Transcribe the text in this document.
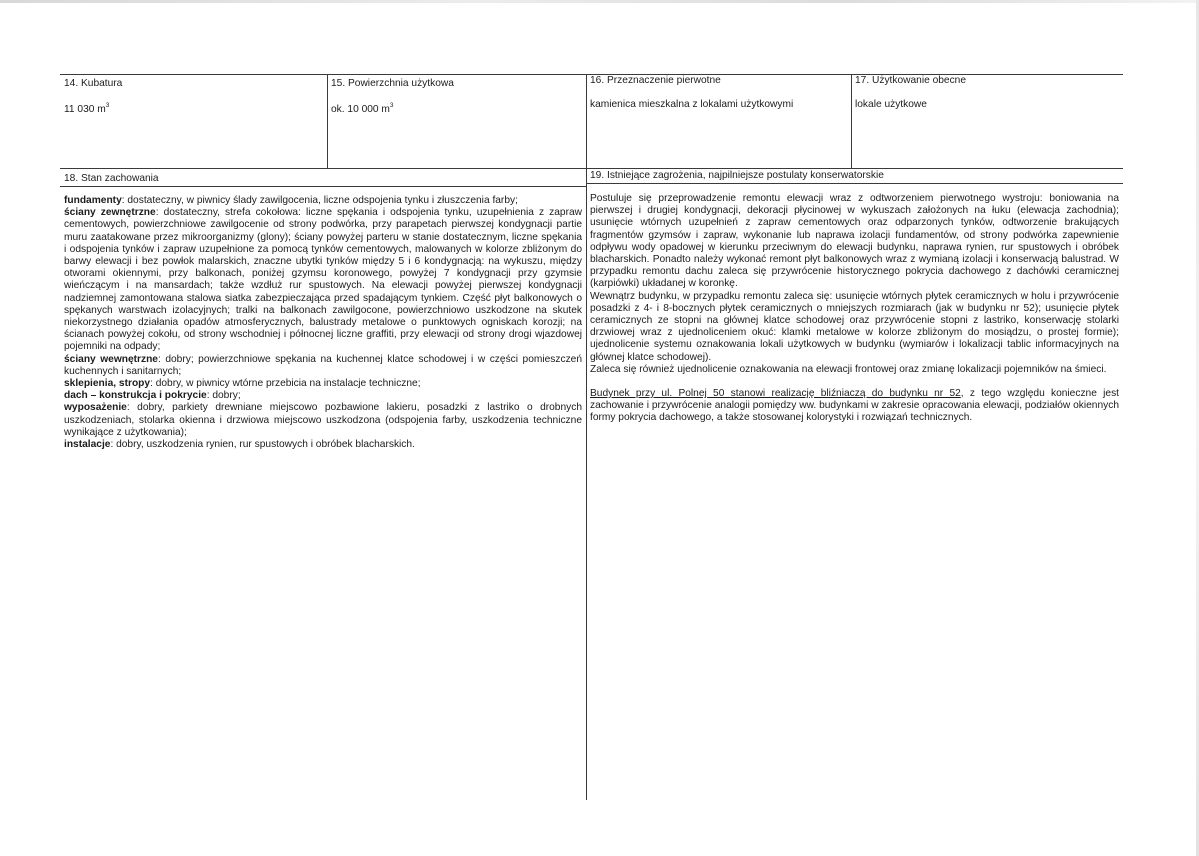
14. Kubatura
11 030 $m^3$
15. Powierzchnia użytkowa
ok. 10 000 $m^3$
16. Przeznaczenie pierwotne
kamienica mieszkalna z lokalami użytkowymi
17. Użytkowanie obecne
lokale użytkowe
18. Stan zachowania	19. Istniejące zagrożenia, najpilniejsze postulaty konserwatorskie

fundamenty: dostateczny, w piwnicy ślady zawilgocenia, liczne odspojenia tynku i złuszczenia farby;

ściany zewnętrzne: dostateczny, strefa cokołowa: liczne spękania i odspojenia tynku, uzupełnienia z zapraw cementowych, powierzchniowe zawilgocenie od strony podwórka, przy parapetach pierwszej kondygnacji partie muru zaatakowane przez mikroorganizmy (glony); ściany powyżej parteru w stanie dostatecznym, liczne spękania i odspojenia tynków i zapraw uzupełnione za pomocą tynków cementowych, malowanych w kolorze zbliżonym do barwy elewacji i bez powłok malarskich, znaczne ubytki tynków między 5 i 6 kondygnacją: na wykuszu, między otworami okiennymi, przy balkonach, poniżej gzymsu koronowego, powyżej 7 kondygnacji przy gzymsie wieńczącym i na mansardach; także wzdłuż rur spustowych. Na elewacji powyżej pierwszej kondygnacji nadziemnej zamontowana stalowa siatka zabezpieczająca przed spadającym tynkiem. Część płyt balkonowych o spękanych warstwach izolacyjnych; tralki na balkonach zawilgocone, powierzchniowo uszkodzone na skutek niekorzystnego działania opadów atmosferycznych, balustrady metalowe o punktowych ogniskach korozji; na ścianach powyżej cokołu, od strony wschodniej i północnej liczne graffiti, przy elewacji od strony drogi wjazdowej pojemniki na odpady;

ściany wewnętrzne: dobry; powierzchniowe spękania na kuchennej klatce schodowej i w części pomieszczeń kuchennych i sanitarnych;

sklepienia, stropy: dobry, w piwnicy wtórne przebicia na instalacje techniczne;

dach – konstrukcja i pokrycie: dobry;

wyposażenie: dobry, parkiety drewniane miejscowo pozbawione lakieru, posadzki z lastriko o drobnych uszkodzeniach, stolarka okienna i drzwiowa miejscowo uszkodzona (odspojenia farby, uszkodzenia techniczne wynikające z użytkowania);

instalacje: dobry, uszkodzenia rynien, rur spustowych i obróbek blacharskich.

Postuluje się przeprowadzenie remontu elewacji wraz z odtworzeniem pierwotnego wystroju: boniowania na pierwszej i drugiej kondygnacji, dekoracji płycinowej w wykuszach założonych na łuku (elewacja zachodnia); usunięcie wtórnych uzupełnień z zapraw cementowych oraz odparzonych tynków, odtworzenie brakujących fragmentów gzymsów i zapraw, wykonanie lub naprawa izolacji fundamentów, od strony podwórka zapewnienie odpływu wody opadowej w kierunku przeciwnym do elewacji budynku, naprawa rynien, rur spustowych i obróbek blacharskich. Ponadto należy wykonać remont płyt balkonowych wraz z wymianą izolacji i konserwacją balustrad. W przypadku remontu dachu zaleca się przywrócenie historycznego pokrycia dachowego z dachówki ceramicznej (karpiówki) układanej w koronkę.

Wewnątrz budynku, w przypadku remontu zaleca się: usunięcie wtórnych płytek ceramicznych w holu i przywrócenie posadzki z 4- i 8-bocznych płytek ceramicznych o mniejszych rozmiarach (jak w budynku nr 52); usunięcie płytek ceramicznych ze stopni na głównej klatce schodowej oraz przywrócenie stopni z lastriko, konserwację stolarki drzwiowej wraz z ujednoliceniem okuć: klamki metalowe w kolorze zbliżonym do mosiądzu, o prostej formie); ujednolicenie systemu oznakowania lokali użytkowych w budynku (wymiarów i lokalizacji tablic informacyjnych na głównej klatce schodowej).

Zaleca się również ujednolicenie oznakowania na elewacji frontowej oraz zmianę lokalizacji pojemników na śmieci.

Budynek przy ul. Polnej 50 stanowi realizację bliźniaczą do budynku nr 52, z tego względu konieczne jest zachowanie i przywrócenie analogii pomiędzy ww. budynkami w zakresie opracowania elewacji, podziałów okiennych formy pokrycia dachowego, a także stosowanej kolorystyki i rozwiązań technicznych.
